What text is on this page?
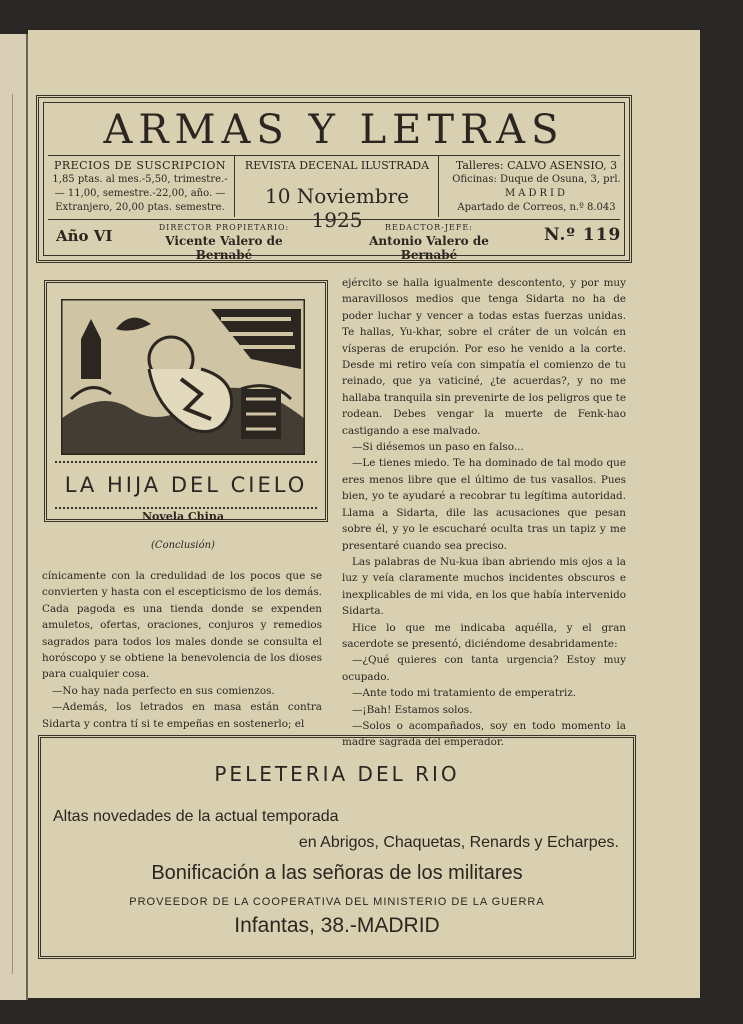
ARMAS Y LETRAS
PRECIOS DE SUSCRIPCION
1,85 ptas. al mes.-5,50, trimestre.-
— 11,00, semestre.-22,00, año. —
Extranjero, 20,00 ptas. semestre.
REVISTA DECENAL ILUSTRADA
10 Noviembre 1925
Talleres: CALVO ASENSIO, 3
Oficinas: Duque de Osuna, 3, prl.
MADRID
Apartado de Correos, n.º 8.043
Año VI	DIRECTOR PROPIETARIO:
Vicente Valero de Bernabé
REDACTOR-JEFE:
Antonio Valero de Bernabé
N.º 119
LA HIJA DEL CIELO
Novela China
(Conclusión)

cínicamente con la credulidad de los pocos que se convierten y hasta con el escepticismo de los demás. Cada pagoda es una tienda donde se expenden amuletos, ofertas, oraciones, conjuros y remedios sagrados para todos los males donde se consulta el horóscopo y se obtiene la benevolencia de los dioses para cualquier cosa.

—No hay nada perfecto en sus comienzos.

—Además, los letrados en masa están contra Sidarta y contra tí si te empeñas en sostenerlo; el

ejército se halla igualmente descontento, y por muy maravillosos medios que tenga Sidarta no ha de poder luchar y vencer a todas estas fuerzas unidas. Te hallas, Yu-khar, sobre el cráter de un volcán en vísperas de erupción. Por eso he venido a la corte. Desde mi retiro veía con simpatía el comienzo de tu reinado, que ya vaticiné, ¿te acuerdas?, y no me hallaba tranquila sin prevenirte de los peligros que te rodean. Debes vengar la muerte de Fenk-hao castigando a ese malvado.

—Si diésemos un paso en falso...

—Le tienes miedo. Te ha dominado de tal modo que eres menos libre que el último de tus vasallos. Pues bien, yo te ayudaré a recobrar tu legítima autoridad. Llama a Sidarta, dile las acusaciones que pesan sobre él, y yo le escucharé oculta tras un tapiz y me presentaré cuando sea preciso.

Las palabras de Nu-kua iban abriendo mis ojos a la luz y veía claramente muchos incidentes obscuros e inexplicables de mi vida, en los que había intervenido Sidarta.

Hice lo que me indicaba aquélla, y el gran sacerdote se presentó, diciéndome desabridamente:

—¿Qué quieres con tanta urgencia? Estoy muy ocupado.

—Ante todo mi tratamiento de emperatriz.

—¡Bah! Estamos solos.

—Solos o acompañados, soy en todo momento la madre sagrada del emperador.

PELETERIA DEL RIO
Altas novedades de la actual temporada
en Abrigos, Chaquetas, Renards y Echarpes.
Bonificación a las señoras de los militares
PROVEEDOR DE LA COOPERATIVA DEL MINISTERIO DE LA GUERRA
Infantas, 38.-MADRID
